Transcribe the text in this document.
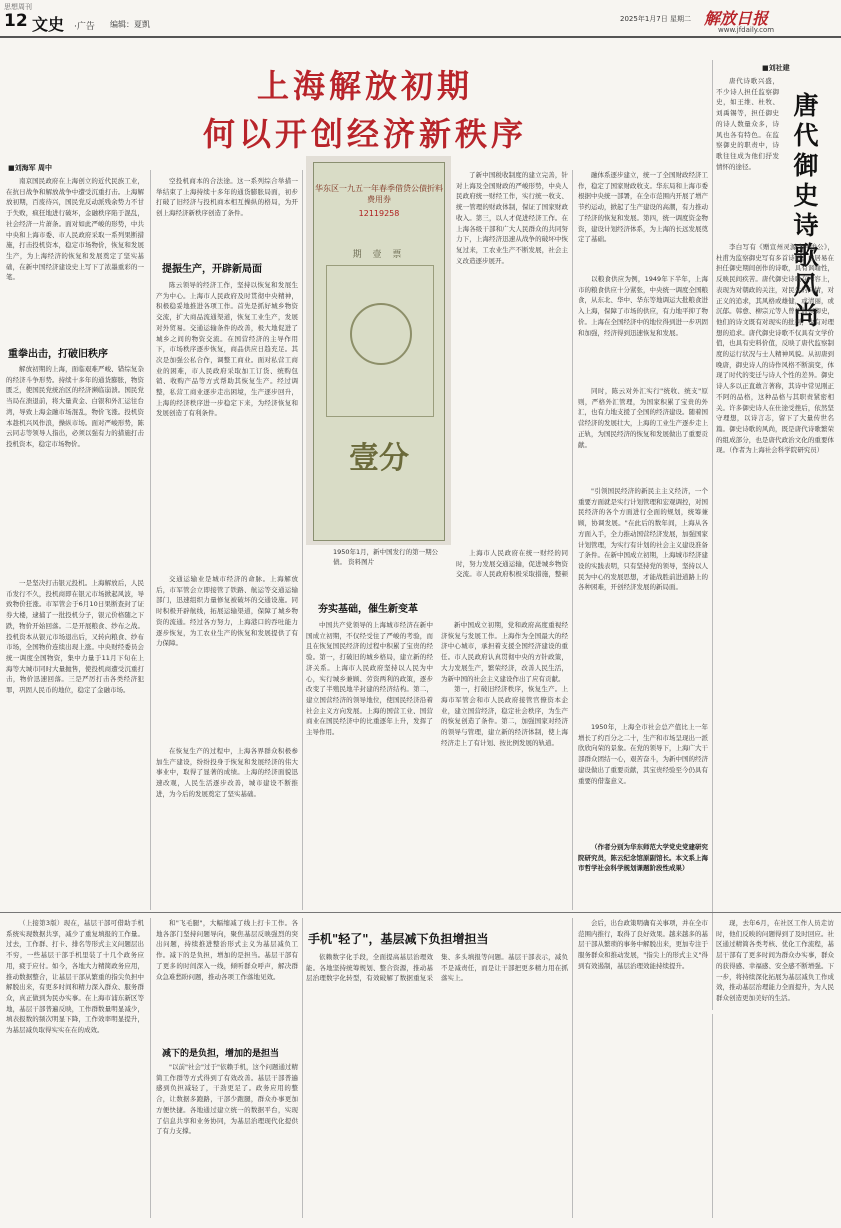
思想周刊
12 文史 ·广告 编辑：夏凱
2025年1月7日 星期二 解放日报
www.jfdaily.com
上海解放初期
何以开创经济新秩序
■刘海军 周中

南京国民政府在上海创立的近代民族工业，在抗日战争和解放战争中遭受沉重打击。上海解放初期，百废待兴，国民党反动派残余势力不甘于失败，疯狂地进行破坏，金融秩序陷于混乱，社会经济一片萧条。面对如此严峻的形势，中共中央和上海市委、市人民政府采取一系列果断措施，打击投机资本，稳定市场物价，恢复和发展生产，为上海经济的恢复和发展奠定了坚实基础，在新中国经济建设史上写下了浓墨重彩的一笔。

重拳出击，打破旧秩序

解放初期的上海，面临艰难严峻、错综复杂的经济斗争形势。持续十多年的通货膨胀，物资匮乏，使国民党统治区的经济濒临崩溃。国民党当局在溃退前，将大量黄金、白银和外汇运往台湾，导致上海金融市场混乱，物价飞涨。投机资本趁机兴风作浪，操纵市场。面对严峻形势，陈云同志等领导人指出，必须以强有力的措施打击投机资本，稳定市场物价。

一是坚决打击银元投机。上海解放后，人民币发行不久，投机商即在银元市场掀起风波，导致物价狂涨。市军管会于6月10日果断查封了证券大楼，逮捕了一批投机分子，银元价格随之下跌，物价开始回落。二是开展粮食、纱布之战。投机资本从银元市场退出后，又转向粮食、纱布市场，全国物价连续出现上涨。中央财经委员会统一调度全国物资，集中力量于11月下旬在上海等大城市同时大量抛售，使投机商遭受沉重打击，物价迅速回落。三是严厉打击各类经济犯罪，巩固人民币的地位，稳定了金融市场。

空投机商本的合法途。这一系列综合举措一举结束了上海持续十多年的通货膨胀局面，初步打破了旧经济与投机商本相互操纵的格局，为开创上海经济新秩序创造了条件。

提振生产，开辟新局面

陈云领导的经济工作，坚持以恢复和发展生产为中心。上海市人民政府及时贯彻中央精神，积极稳妥地推进各项工作。首先是抓好城乡物资交流，扩大商品流通渠道，恢复工业生产，发展对外贸易。交通运输条件的改善，极大地促进了城乡之间的物资交流。在国营经济的主导作用下，市场秩序逐步恢复，商品供应日趋充足。其次是加强公私合作，调整工商业。面对私营工商业的困难，市人民政府采取加工订货、统购包销、收购产品等方式帮助其恢复生产。经过调整，私营工商业逐步走出困境，生产逐步回升，上海的经济秩序进一步稳定下来，为经济恢复和发展创造了有利条件。

交通运输业是城市经济的命脉。上海解放后，市军管会立即接管了铁路、航运等交通运输部门，迅速组织力量修复被破坏的交通设施。同时积极开辟航线，拓展运输渠道，保障了城乡物资的流通。经过各方努力，上海港口的吞吐能力逐步恢复，为工农业生产的恢复和发展提供了有力保障。

在恢复生产的过程中，上海各界群众积极参加生产建设，纷纷投身于恢复和发展经济的伟大事业中，取得了显著的成绩。上海的经济面貌迅速改观，人民生活逐步改善，城市建设不断推进，为今后的发展奠定了坚实基础。

华东区一九五一年春季借贷公债折料费用券
12119258
期 壹 票
壹分
1950年1月，新中国发行的第一期公债。 资料图片

了新中国税收制度的建立完善，针对上海及全国财政的严峻形势，中央人民政府统一财经工作，实行统一收支、统一管理的财政体制，保证了国家财政收入。第三，以人才促进经济工作。在上海各级干部和广大人民群众的共同努力下，上海经济迅速从战争的破坏中恢复过来，工农业生产不断发展，社会主义改造逐步展开。

上海市人民政府在统一财经的同时，努力发展交通运输，促进城乡物资交流。市人民政府积极采取措施，整顿

夯实基础，催生新变革

中国共产党领导的上海城市经济在新中国成立初期，不仅经受住了严峻的考验，而且在恢复国民经济的过程中积累了宝贵的经验。第一，打破旧的城乡格局，建立新的经济关系。上海市人民政府坚持以人民为中心，实行城乡兼顾、劳资两利的政策，逐步改变了半殖民地半封建的经济结构。第二，建立国营经济的领导地位，使国民经济沿着社会主义方向发展。上海的国营工业、国营商业在国民经济中的比重逐年上升，发挥了主导作用。

新中国成立初期，党和政府高度重视经济恢复与发展工作。上海作为全国最大的经济中心城市，承担着支援全国经济建设的重任。市人民政府认真贯彻中央的方针政策，大力发展生产，繁荣经济，改善人民生活，为新中国的社会主义建设作出了应有贡献。

第一，打破旧经济秩序，恢复生产。上海市军管会和市人民政府接管官僚资本企业，建立国营经济，稳定社会秩序，为生产的恢复创造了条件。第二，加强国家对经济的领导与管理，建立新的经济体制，使上海经济走上了有计划、按比例发展的轨道。

融体系逐步建立，统一了全国财政经济工作，稳定了国家财政收支。华东局和上海市委根据中央统一部署，在全市范围内开展了增产节约运动，掀起了生产建设的高潮，有力推动了经济的恢复和发展。第四，统一调度资金物资，建设计划经济体系，为上海的长远发展奠定了基础。

以粮食供应为例，1949年下半年，上海市的粮食供应十分紧张，中央统一调度全国粮食，从东北、华中、华东等地调运大批粮食进入上海，保障了市场的供应，有力地平抑了物价。上海在全国经济中的地位得到进一步巩固和加强，经济得到迅速恢复和发展。

同时，陈云对外汇实行"统收、统支"原则，严格外汇管理，为国家积累了宝贵的外汇，也有力地支援了全国的经济建设。随着国营经济的发展壮大，上海的工业生产逐步走上正轨，为国民经济的恢复和发展做出了重要贡献。

"引领国民经济的新民主主义经济，一个重要方面就是实行计划管理和宏观调控，对国民经济的各个方面进行全面的规划，统筹兼顾，协调发展。"在此后的数年间，上海从各方面入手，全力推动国营经济发展，加强国家计划管理，为实行有计划的社会主义建设准备了条件。在新中国成立初期，上海城市经济建设的实践表明，只有坚持党的领导，坚持以人民为中心的发展思想，才能战胜前进道路上的各种困难，开创经济发展的新局面。

1950年，上海全市社会总产值比上一年增长了约百分之二十，生产和市场呈现出一派欣欣向荣的景象。在党的领导下，上海广大干部群众团结一心，艰苦奋斗，为新中国的经济建设做出了重要贡献，其宝贵经验至今仍具有重要的借鉴意义。

（作者分别为华东师范大学党史党建研究院研究员，陈云纪念馆原副馆长。本文系上海市哲学社会科学规划课题阶段性成果）

■刘社建
唐代御史诗歌风尚

唐代诗歌兴盛，不少诗人担任监察御史，如王维、杜牧、刘禹锡等，担任御史的诗人数量众多，诗风也各有特色。在监察御史的职责中，诗歌往往成为他们抒发情怀的途径。

李白写有《赠宣州灵源寺仲浚公》，杜甫为监察御史写有多首诗篇。白居易在担任御史期间创作的诗歌，具有讽喻性，反映民间疾苦。唐代御史诗歌在内容上，表现为对朝政的关注，对民生的同情，对正义的追求，其风格或雄健，或清丽，或沉郁。韩愈、柳宗元等人曾任监察御史，他们的诗文既有对现实的批判，也有对理想的追求。唐代御史诗歌不仅具有文学价值，也具有史料价值，反映了唐代监察制度的运行状况与士人精神风貌。从初唐到晚唐，御史诗人的诗作风格不断演变，体现了时代的变迁与诗人个性的差异。御史诗人多以正直敢言著称，其诗中常见刚正不阿的品格，这种品格与其职责紧密相关。许多御史诗人在仕途受挫后，依然坚守理想，以诗言志，留下了大量传世名篇。御史诗歌的风尚，既是唐代诗歌繁荣的组成部分，也是唐代政治文化的重要体现。（作者为上海社会科学院研究员）

（上接第3版）现在，基层干部可借助手机系统实现数据共享，减少了重复填报的工作量。过去，工作群、打卡、排名等形式主义问题层出不穷，一些基层干部手机里装了十几个政务应用，疲于应付。如今，各地大力精简政务应用，推动数据整合，让基层干部从繁重的指尖负担中解脱出来，有更多时间和精力深入群众、服务群众，真正做到为民办实事。在上海市浦东新区等地，基层干部普遍反映，工作群数量明显减少，填表报数的频次明显下降，工作效率明显提升，为基层减负取得实实在在的成效。

和"飞毛腿"，大幅缩减了线上打卡工作。各地各部门坚持问题导向，聚焦基层反映强烈的突出问题，持续推进整治形式主义为基层减负工作。减下的是负担，增加的是担当。基层干部有了更多的时间深入一线，倾听群众呼声，解决群众急难愁盼问题，推动各项工作落地见效。

减下的是负担，增加的是担当

"以前"社会"过于"依赖手机，这个问题通过精简工作群等方式得到了有效改善。基层干部普遍感到负担减轻了，干劲更足了。政务应用的整合，让数据多跑路，干部少跑腿，群众办事更加方便快捷。各地通过建立统一的数据平台，实现了信息共享和业务协同，为基层治理现代化提供了有力支撑。

手机"轻了"，基层减下负担增担当

依赖数字化手段，全面提高基层治理效能。各地坚持统筹规划、整合资源，推动基层治理数字化转型，有效破解了数据重复采集、多头填报等问题。基层干部表示，减负不是减责任，而是让干部把更多精力用在抓落实上。

会后，出台政策明确有关事项，并在全市范围内推行，取得了良好效果。越来越多的基层干部从繁琐的事务中解脱出来，更加专注于服务群众和推动发展，"指尖上的形式主义"得到有效遏制，基层治理效能持续提升。

现，去年6月，在社区工作人员走访时，他们反映的问题得到了及时回应。社区通过精简各类考核、优化工作流程，基层干部有了更多时间为群众办实事，群众的获得感、幸福感、安全感不断增强。下一步，将持续深化拓展为基层减负工作成效，推动基层治理能力全面提升，为人民群众创造更加美好的生活。
